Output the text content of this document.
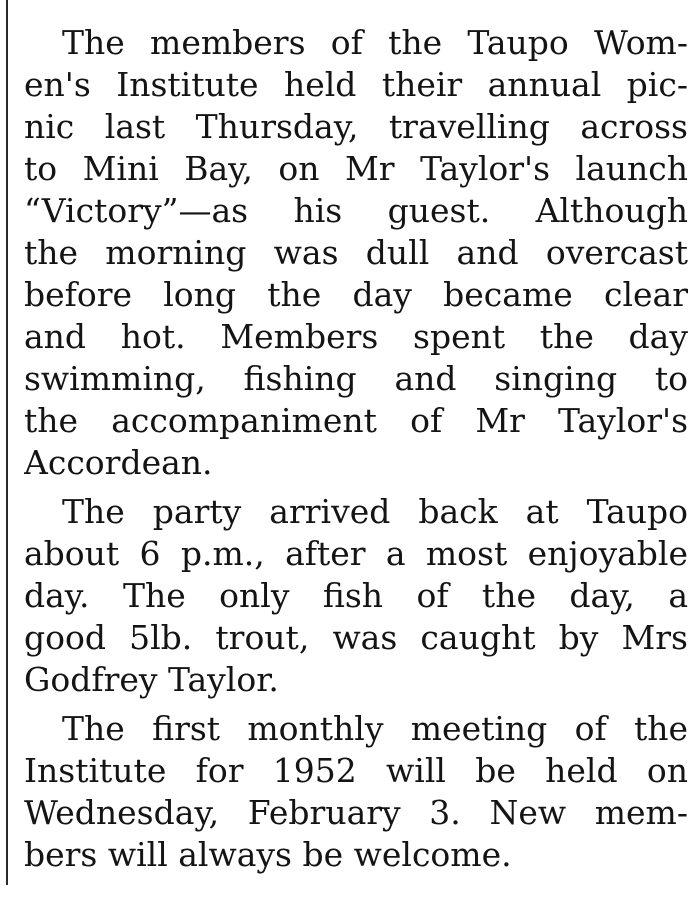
The members of the Taupo Wom-
en's Institute held their annual pic-
nic last Thursday, travelling across
to Mini Bay, on Mr Taylor's launch
“Victory”—as his guest. Although
the morning was dull and overcast
before long the day became clear
and hot. Members spent the day
swimming, fishing and singing to
the accompaniment of Mr Taylor's
Accordean.
The party arrived back at Taupo
about 6 p.m., after a most enjoyable
day. The only fish of the day, a
good 5lb. trout, was caught by Mrs
Godfrey Taylor.
The first monthly meeting of the
Institute for 1952 will be held on
Wednesday, February 3. New mem-
bers will always be welcome.
